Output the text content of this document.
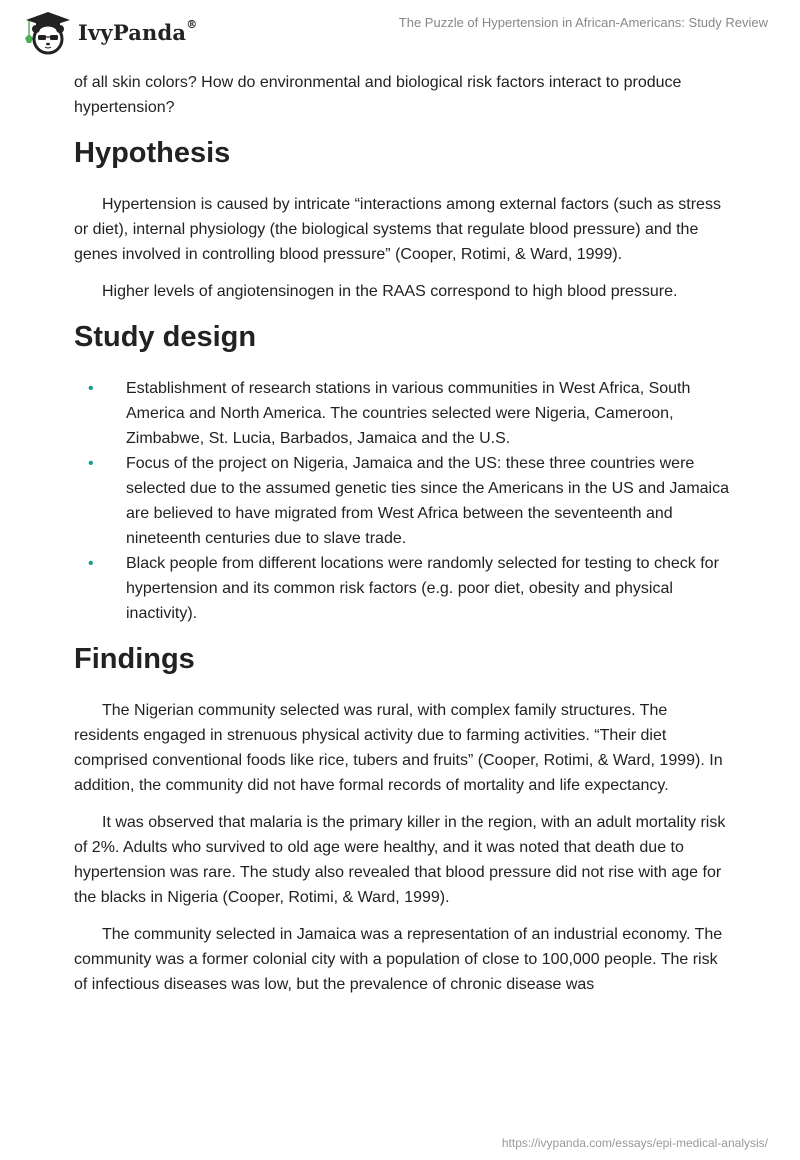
IvyPanda®	The Puzzle of Hypertension in African-Americans: Study Review

of all skin colors? How do environmental and biological risk factors interact to produce hypertension?

Hypothesis

Hypertension is caused by intricate “interactions among external factors (such as stress or diet), internal physiology (the biological systems that regulate blood pressure) and the genes involved in controlling blood pressure” (Cooper, Rotimi, & Ward, 1999).

Higher levels of angiotensinogen in the RAAS correspond to high blood pressure.

Study design
• Establishment of research stations in various communities in West Africa, South America and North America. The countries selected were Nigeria, Cameroon, Zimbabwe, St. Lucia, Barbados, Jamaica and the U.S.
• Focus of the project on Nigeria, Jamaica and the US: these three countries were selected due to the assumed genetic ties since the Americans in the US and Jamaica are believed to have migrated from West Africa between the seventeenth and nineteenth centuries due to slave trade.
• Black people from different locations were randomly selected for testing to check for hypertension and its common risk factors (e.g. poor diet, obesity and physical inactivity).
Findings

The Nigerian community selected was rural, with complex family structures. The residents engaged in strenuous physical activity due to farming activities. “Their diet comprised conventional foods like rice, tubers and fruits” (Cooper, Rotimi, & Ward, 1999). In addition, the community did not have formal records of mortality and life expectancy.

It was observed that malaria is the primary killer in the region, with an adult mortality risk of 2%. Adults who survived to old age were healthy, and it was noted that death due to hypertension was rare. The study also revealed that blood pressure did not rise with age for the blacks in Nigeria (Cooper, Rotimi, & Ward, 1999).

The community selected in Jamaica was a representation of an industrial economy. The community was a former colonial city with a population of close to 100,000 people. The risk of infectious diseases was low, but the prevalence of chronic disease was

https://ivypanda.com/essays/epi-medical-analysis/
